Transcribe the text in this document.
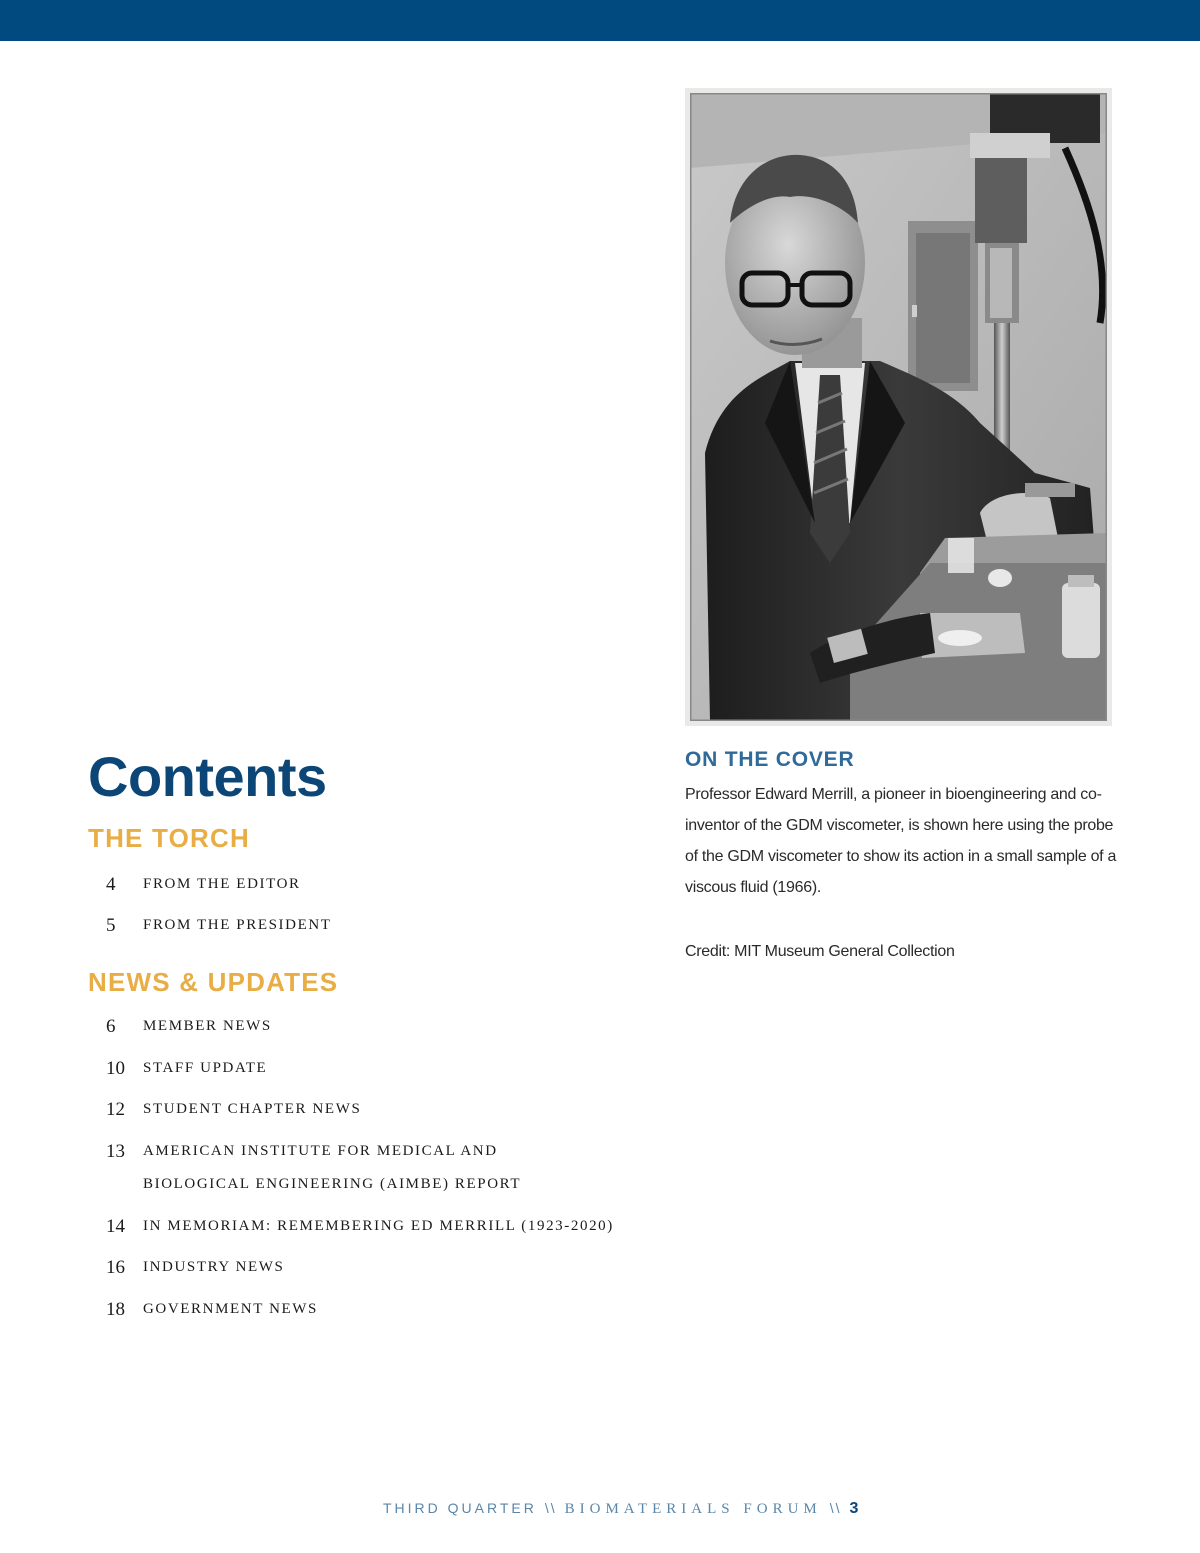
Contents
THE TORCH
4 FROM THE EDITOR
5 FROM THE PRESIDENT
NEWS & UPDATES
6 MEMBER NEWS
10 STAFF UPDATE
12 STUDENT CHAPTER NEWS
13 AMERICAN INSTITUTE FOR MEDICAL AND BIOLOGICAL ENGINEERING (AIMBE) REPORT
14 IN MEMORIAM: REMEMBERING ED MERRILL (1923-2020)
16 INDUSTRY NEWS
18 GOVERNMENT NEWS
ON THE COVER

Professor Edward Merrill, a pioneer in bioengineering and co-inventor of the GDM viscometer, is shown here using the probe of the GDM viscometer to show its action in a small sample of a viscous fluid (1966).

Credit: MIT Museum General Collection

THIRD QUARTER \\ BIOMATERIALS FORUM \\ 3
